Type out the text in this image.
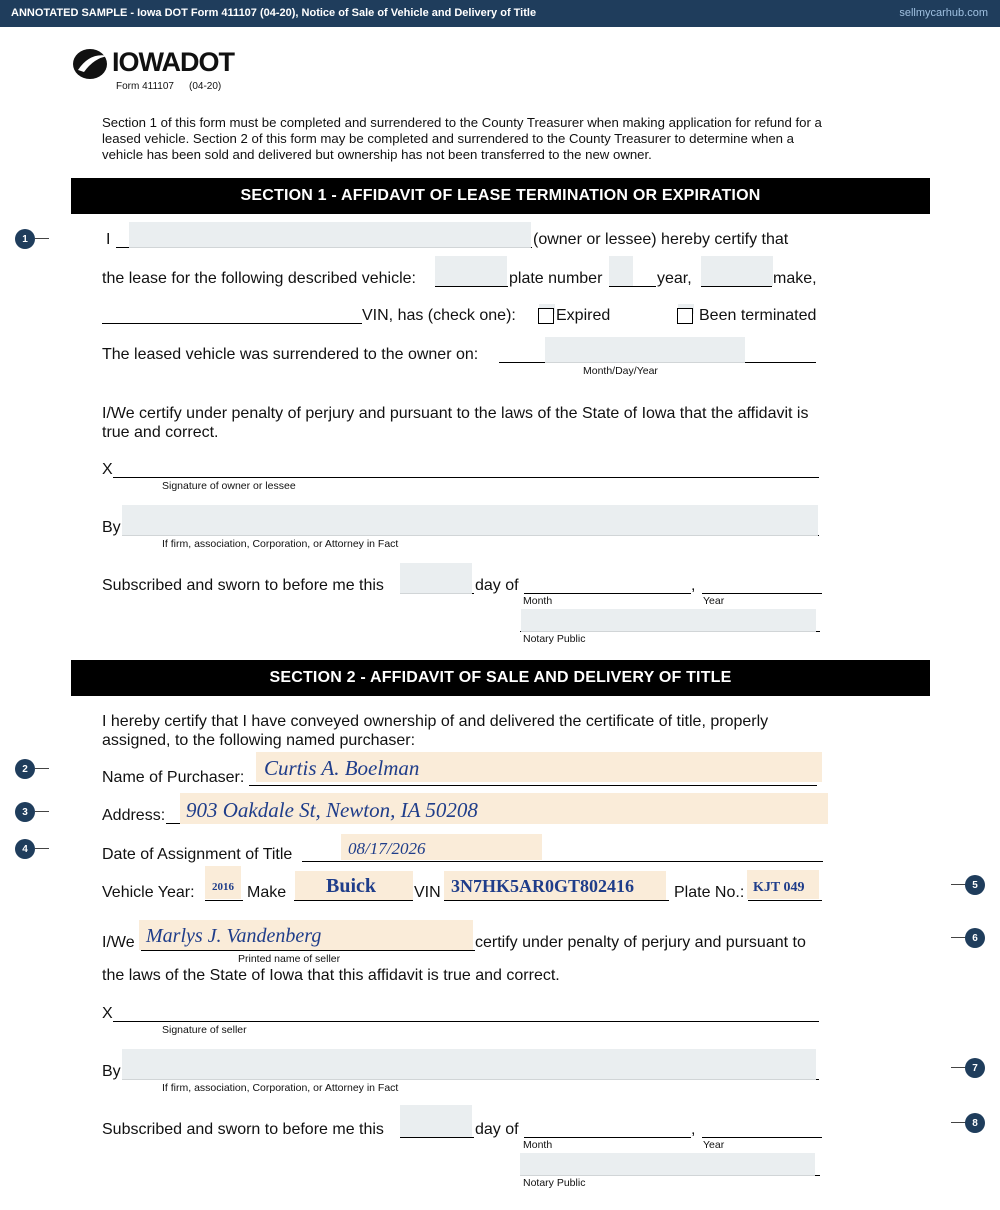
ANNOTATED SAMPLE - Iowa DOT Form 411107 (04-20), Notice of Sale of Vehicle and Delivery of Title	sellmycarhub.com
IOWADOT
Form 411107 (04-20)
Section 1 of this form must be completed and surrendered to the County Treasurer when making application for refund for a leased vehicle. Section 2 of this form may be completed and surrendered to the County Treasurer to determine when a vehicle has been sold and delivered but ownership has not been transferred to the new owner.
SECTION 1 - AFFIDAVIT OF LEASE TERMINATION OR EXPIRATION
I	(owner or lessee) hereby certify that
the lease for the following described vehicle:	plate number	year,	make,
VIN, has (check one):	Expired	Been terminated
The leased vehicle was surrendered to the owner on:
Month/Day/Year
I/We certify under penalty of perjury and pursuant to the laws of the State of Iowa that the affidavit is true and correct.
X
Signature of owner or lessee
By
If firm, association, Corporation, or Attorney in Fact
Subscribed and sworn to before me this	day of	,
Month	Year
Notary Public
SECTION 2 - AFFIDAVIT OF SALE AND DELIVERY OF TITLE
I hereby certify that I have conveyed ownership of and delivered the certificate of title, properly assigned, to the following named purchaser:
Name of Purchaser: Curtis A. Boelman
Address: 903 Oakdale St, Newton, IA 50208
Date of Assignment of Title	08/17/2026
Vehicle Year: 2016 Make Buick VIN 3N7HK5AR0GT802416 Plate No.: KJT 049
I/We Marlys J. Vandenberg	certify under penalty of perjury and pursuant to
Printed name of seller
the laws of the State of Iowa that this affidavit is true and correct.
X
Signature of seller
By
If firm, association, Corporation, or Attorney in Fact
Subscribed and sworn to before me this	day of	,
Month	Year
Notary Public
1
2
3
4
5
6
7
8
